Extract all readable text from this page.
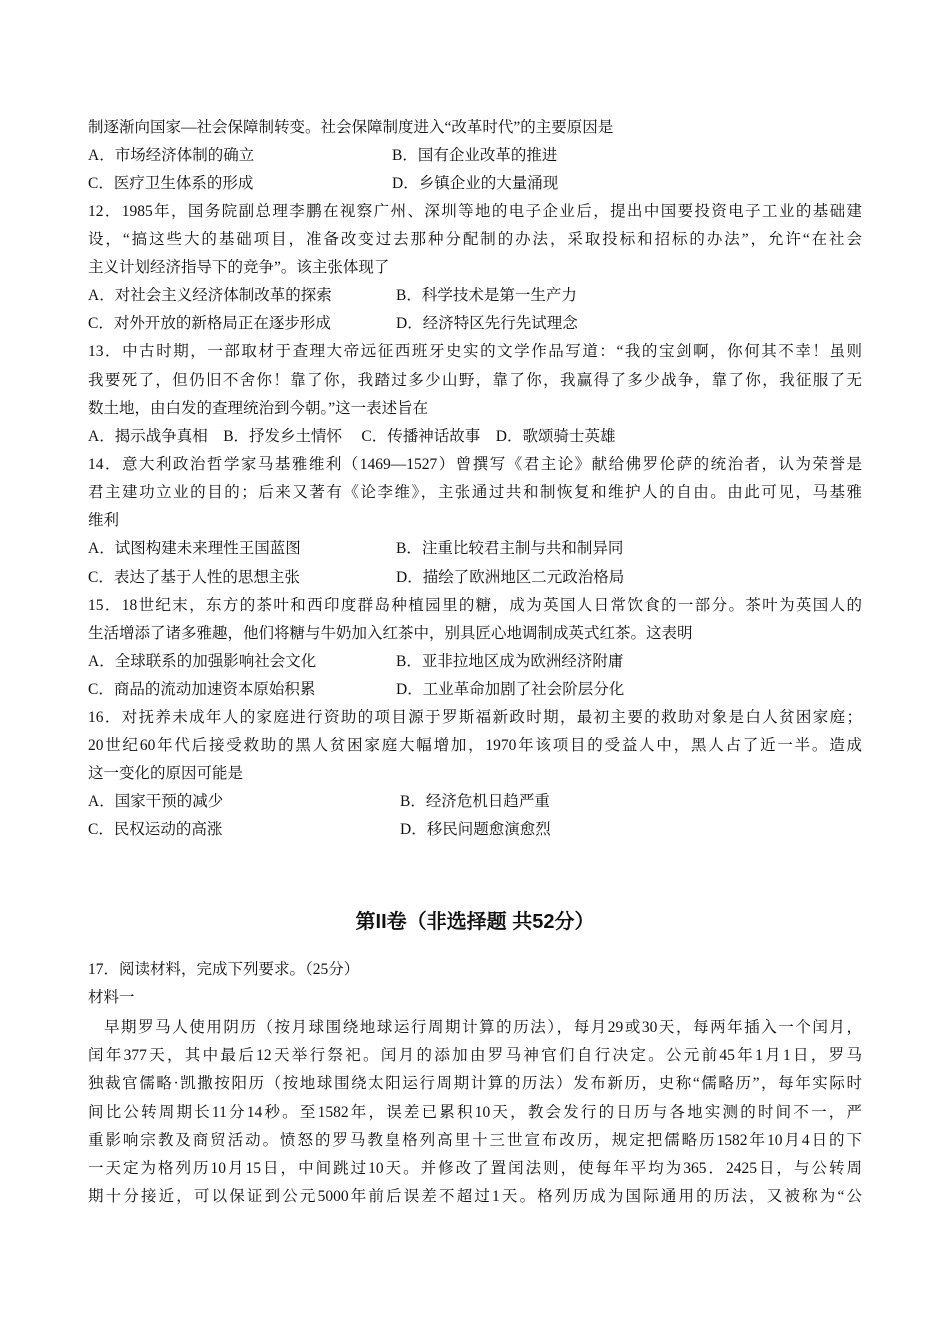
制逐渐向国家—社会保障制转变。社会保障制度进入“改革时代”的主要原因是
A．市场经济体制的确立	B．国有企业改革的推进
C．医疗卫生体系的形成	D．乡镇企业的大量涌现
12．1985年，国务院副总理李鹏在视察广州、深圳等地的电子企业后，提出中国要投资电子工业的基础建
设，“搞这些大的基础项目，准备改变过去那种分配制的办法，采取投标和招标的办法”，允许“在社会
主义计划经济指导下的竞争”。该主张体现了
A．对社会主义经济体制改革的探索	B．科学技术是第一生产力
C．对外开放的新格局正在逐步形成	D．经济特区先行先试理念
13．中古时期，一部取材于查理大帝远征西班牙史实的文学作品写道：“我的宝剑啊，你何其不幸！虽则
我要死了，但仍旧不舍你！靠了你，我踏过多少山野，靠了你，我赢得了多少战争，靠了你，我征服了无
数土地，由白发的查理统治到今朝。”这一表述旨在
A．揭示战争真相　B．抒发乡土情怀　 C．传播神话故事　D．歌颂骑士英雄
14．意大利政治哲学家马基雅维利（1469—1527）曾撰写《君主论》献给佛罗伦萨的统治者，认为荣誉是
君主建功立业的目的；后来又著有《论李维》，主张通过共和制恢复和维护人的自由。由此可见，马基雅
维利
A．试图构建未来理性王国蓝图	B．注重比较君主制与共和制异同
C．表达了基于人性的思想主张	D．描绘了欧洲地区二元政治格局
15．18世纪末，东方的茶叶和西印度群岛种植园里的糖，成为英国人日常饮食的一部分。茶叶为英国人的
生活增添了诸多雅趣，他们将糖与牛奶加入红茶中，别具匠心地调制成英式红茶。这表明
A．全球联系的加强影响社会文化	B．亚非拉地区成为欧洲经济附庸
C．商品的流动加速资本原始积累	D．工业革命加剧了社会阶层分化
16．对抚养未成年人的家庭进行资助的项目源于罗斯福新政时期，最初主要的救助对象是白人贫困家庭；
20世纪60年代后接受救助的黑人贫困家庭大幅增加，1970年该项目的受益人中，黑人占了近一半。造成
这一变化的原因可能是
A．国家干预的减少	B．经济危机日趋严重
C．民权运动的高涨	D．移民问题愈演愈烈
第II卷（非选择题 共52分）
17．阅读材料，完成下列要求。（25分）
材料一
早期罗马人使用阴历（按月球围绕地球运行周期计算的历法），每月29或30天，每两年插入一个闰月，
闰年377天，其中最后12天举行祭祀。闰月的添加由罗马神官们自行决定。公元前45年1月1日，罗马
独裁官儒略·凯撒按阳历（按地球围绕太阳运行周期计算的历法）发布新历，史称“儒略历”，每年实际时
间比公转周期长11分14秒。至1582年，误差已累积10天，教会发行的日历与各地实测的时间不一，严
重影响宗教及商贸活动。愤怒的罗马教皇格列高里十三世宣布改历，规定把儒略历1582年10月4日的下
一天定为格列历10月15日，中间跳过10天。并修改了置闰法则，使每年平均为365．2425日，与公转周
期十分接近，可以保证到公元5000年前后误差不超过1天。格列历成为国际通用的历法，又被称为“公
